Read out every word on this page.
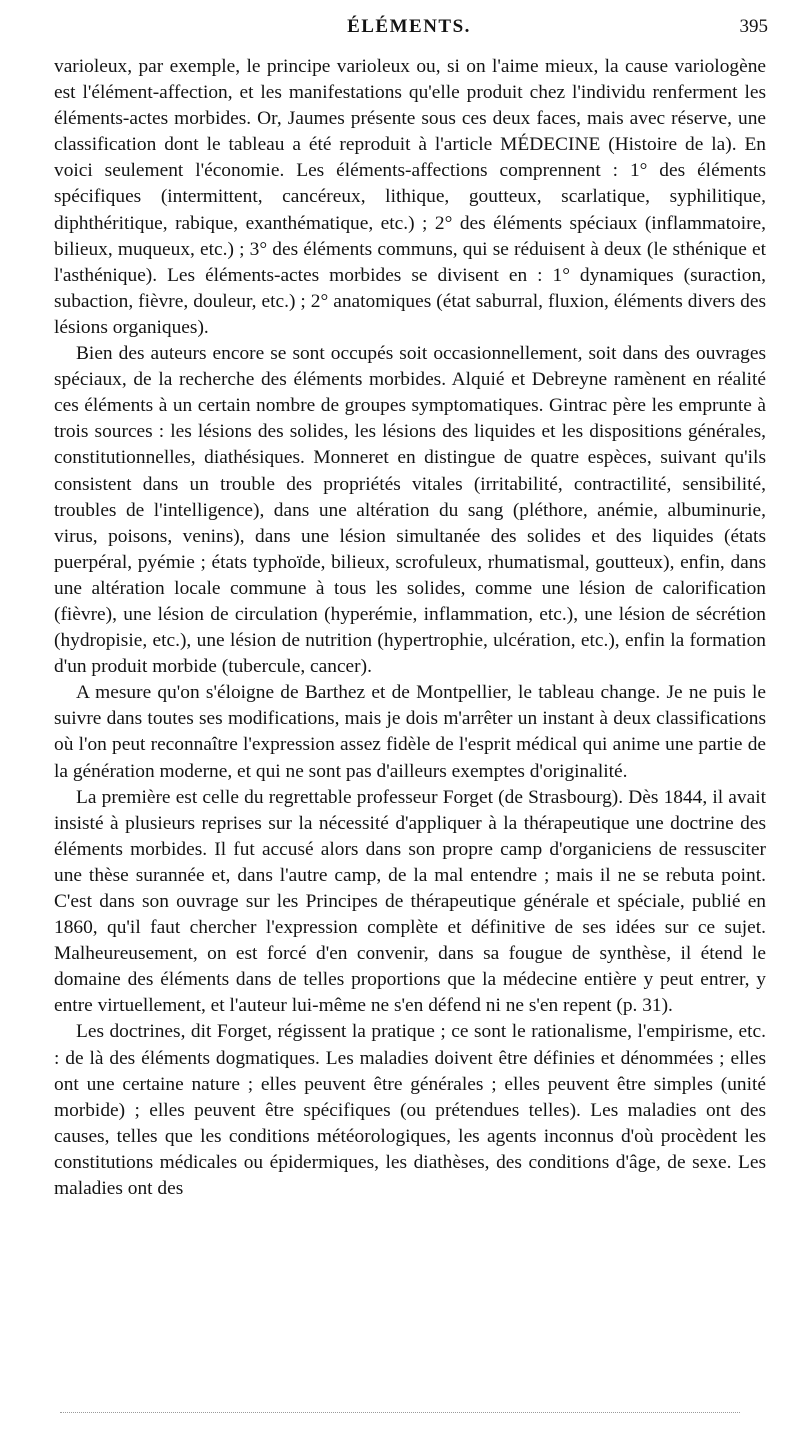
ÉLÉMENTS.	395

varioleux, par exemple, le principe varioleux ou, si on l'aime mieux, la cause variologène est l'élément-affection, et les manifestations qu'elle produit chez l'individu renferment les éléments-actes morbides. Or, Jaumes présente sous ces deux faces, mais avec réserve, une classification dont le tableau a été reproduit à l'article MÉDECINE (Histoire de la). En voici seulement l'économie. Les éléments-affections comprennent : 1° des éléments spécifiques (intermittent, cancéreux, lithique, goutteux, scarlatique, syphilitique, diphthéritique, rabique, exanthématique, etc.) ; 2° des éléments spéciaux (inflammatoire, bilieux, muqueux, etc.) ; 3° des éléments communs, qui se réduisent à deux (le sthénique et l'asthénique). Les éléments-actes morbides se divisent en : 1° dynamiques (suraction, subaction, fièvre, douleur, etc.) ; 2° anatomiques (état saburral, fluxion, éléments divers des lésions organiques).

Bien des auteurs encore se sont occupés soit occasionnellement, soit dans des ouvrages spéciaux, de la recherche des éléments morbides. Alquié et Debreyne ramènent en réalité ces éléments à un certain nombre de groupes symptomatiques. Gintrac père les emprunte à trois sources : les lésions des solides, les lésions des liquides et les dispositions générales, constitutionnelles, diathésiques. Monneret en distingue de quatre espèces, suivant qu'ils consistent dans un trouble des propriétés vitales (irritabilité, contractilité, sensibilité, troubles de l'intelligence), dans une altération du sang (pléthore, anémie, albuminurie, virus, poisons, venins), dans une lésion simultanée des solides et des liquides (états puerpéral, pyémie ; états typhoïde, bilieux, scrofuleux, rhumatismal, goutteux), enfin, dans une altération locale commune à tous les solides, comme une lésion de calorification (fièvre), une lésion de circulation (hyperémie, inflammation, etc.), une lésion de sécrétion (hydropisie, etc.), une lésion de nutrition (hypertrophie, ulcération, etc.), enfin la formation d'un produit morbide (tubercule, cancer).

A mesure qu'on s'éloigne de Barthez et de Montpellier, le tableau change. Je ne puis le suivre dans toutes ses modifications, mais je dois m'arrêter un instant à deux classifications où l'on peut reconnaître l'expression assez fidèle de l'esprit médical qui anime une partie de la génération moderne, et qui ne sont pas d'ailleurs exemptes d'originalité.

La première est celle du regrettable professeur Forget (de Strasbourg). Dès 1844, il avait insisté à plusieurs reprises sur la nécessité d'appliquer à la thérapeutique une doctrine des éléments morbides. Il fut accusé alors dans son propre camp d'organiciens de ressusciter une thèse surannée et, dans l'autre camp, de la mal entendre ; mais il ne se rebuta point. C'est dans son ouvrage sur les Principes de thérapeutique générale et spéciale, publié en 1860, qu'il faut chercher l'expression complète et définitive de ses idées sur ce sujet. Malheureusement, on est forcé d'en convenir, dans sa fougue de synthèse, il étend le domaine des éléments dans de telles proportions que la médecine entière y peut entrer, y entre virtuellement, et l'auteur lui-même ne s'en défend ni ne s'en repent (p. 31).

Les doctrines, dit Forget, régissent la pratique ; ce sont le rationalisme, l'empirisme, etc. : de là des éléments dogmatiques. Les maladies doivent être définies et dénommées ; elles ont une certaine nature ; elles peuvent être générales ; elles peuvent être simples (unité morbide) ; elles peuvent être spécifiques (ou prétendues telles). Les maladies ont des causes, telles que les conditions météorologiques, les agents inconnus d'où procèdent les constitutions médicales ou épidermiques, les diathèses, des conditions d'âge, de sexe. Les maladies ont des
